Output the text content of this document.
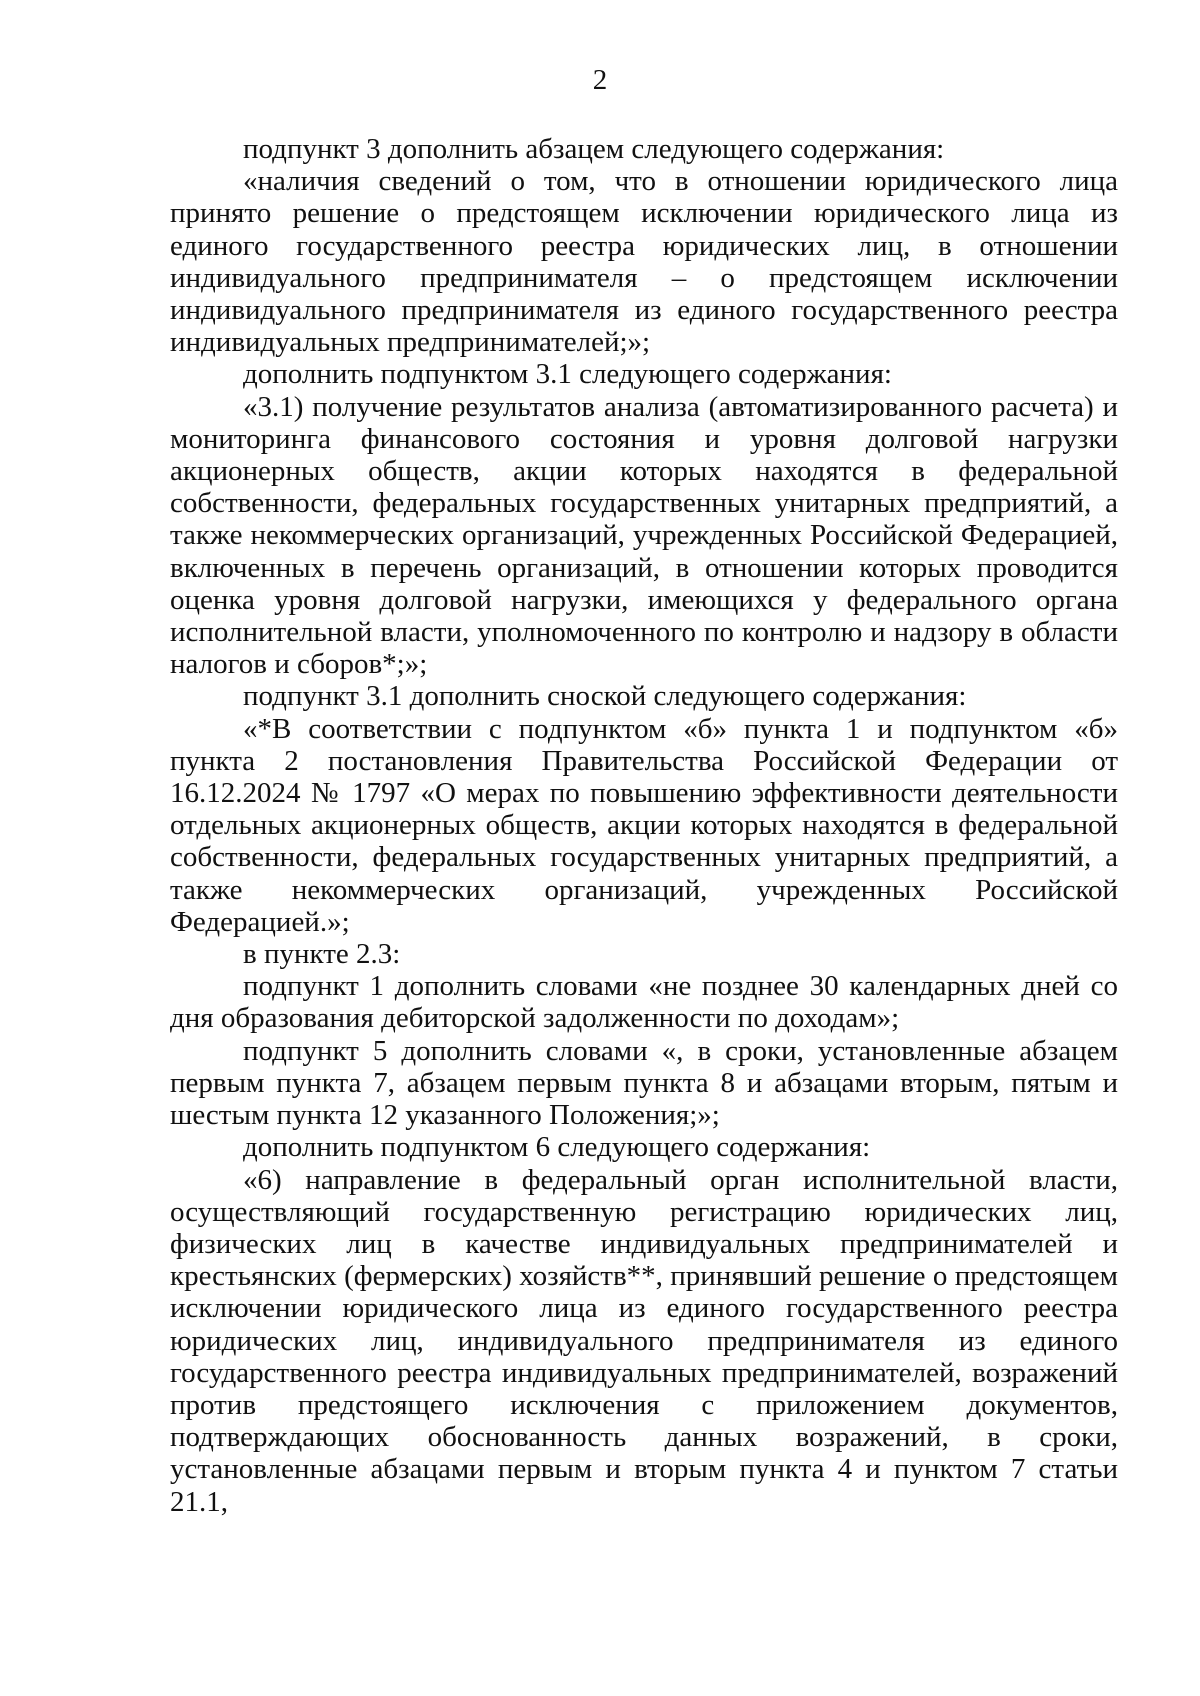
2

подпункт 3 дополнить абзацем следующего содержания:

«наличия сведений о том, что в отношении юридического лица принято решение о предстоящем исключении юридического лица из единого государственного реестра юридических лиц, в отношении индивидуального предпринимателя – о предстоящем исключении индивидуального предпринимателя из единого государственного реестра индивидуальных предпринимателей;»;

дополнить подпунктом 3.1 следующего содержания:

«3.1) получение результатов анализа (автоматизированного расчета) и мониторинга финансового состояния и уровня долговой нагрузки акционерных обществ, акции которых находятся в федеральной собственности, федеральных государственных унитарных предприятий, а также некоммерческих организаций, учрежденных Российской Федерацией, включенных в перечень организаций, в отношении которых проводится оценка уровня долговой нагрузки, имеющихся у федерального органа исполнительной власти, уполномоченного по контролю и надзору в области налогов и сборов*;»;

подпункт 3.1 дополнить сноской следующего содержания:

«*В соответствии с подпунктом «б» пункта 1 и подпунктом «б» пункта 2 постановления Правительства Российской Федерации от 16.12.2024 № 1797 «О мерах по повышению эффективности деятельности отдельных акционерных обществ, акции которых находятся в федеральной собственности, федеральных государственных унитарных предприятий, а также некоммерческих организаций, учрежденных Российской Федерацией.»;

в пункте 2.3:

подпункт 1 дополнить словами «не позднее 30 календарных дней со дня образования дебиторской задолженности по доходам»;

подпункт 5 дополнить словами «, в сроки, установленные абзацем первым пункта 7, абзацем первым пункта 8 и абзацами вторым, пятым и шестым пункта 12 указанного Положения;»;

дополнить подпунктом 6 следующего содержания:

«6) направление в федеральный орган исполнительной власти, осуществляющий государственную регистрацию юридических лиц, физических лиц в качестве индивидуальных предпринимателей и крестьянских (фермерских) хозяйств**, принявший решение о предстоящем исключении юридического лица из единого государственного реестра юридических лиц, индивидуального предпринимателя из единого государственного реестра индивидуальных предпринимателей, возражений против предстоящего исключения с приложением документов, подтверждающих обоснованность данных возражений, в сроки, установленные абзацами первым и вторым пункта 4 и пунктом 7 статьи 21.1,
